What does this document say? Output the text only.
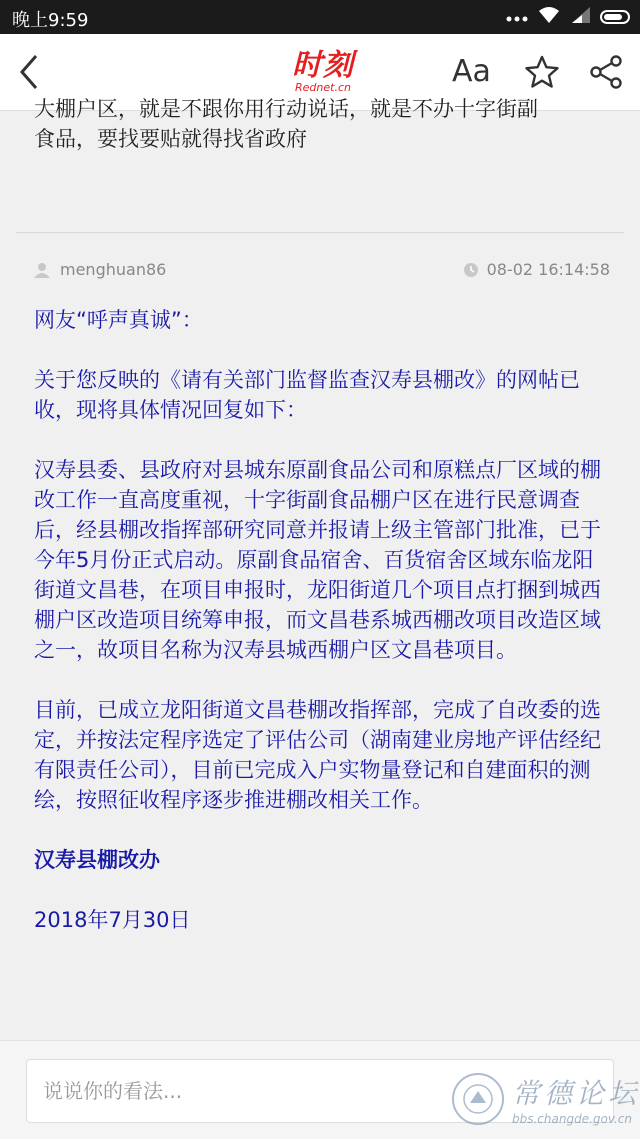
晚上9:59
时刻
Rednet.cn	Aa
大棚户区，就是不跟你用行动说话，就是不办十字街副
食品，要找要贴就得找省政府
menghuan86	08-02 16:14:58

网友“呼声真诚”：

关于您反映的《请有关部门监督监查汉寿县棚改》的网帖已收，现将具体情况回复如下：

汉寿县委、县政府对县城东原副食品公司和原糕点厂区域的棚改工作一直高度重视，十字街副食品棚户区在进行民意调查后，经县棚改指挥部研究同意并报请上级主管部门批准，已于今年5月份正式启动。原副食品宿舍、百货宿舍区域东临龙阳街道文昌巷，在项目申报时，龙阳街道几个项目点打捆到城西棚户区改造项目统筹申报，而文昌巷系城西棚改项目改造区域之一，故项目名称为汉寿县城西棚户区文昌巷项目。

目前，已成立龙阳街道文昌巷棚改指挥部，完成了自改委的选定，并按法定程序选定了评估公司（湖南建业房地产评估经纪有限责任公司），目前已完成入户实物量登记和自建面积的测绘，按照征收程序逐步推进棚改相关工作。

汉寿县棚改办

2018年7月30日

说说你的看法...	常德论坛
bbs.changde.gov.cn
